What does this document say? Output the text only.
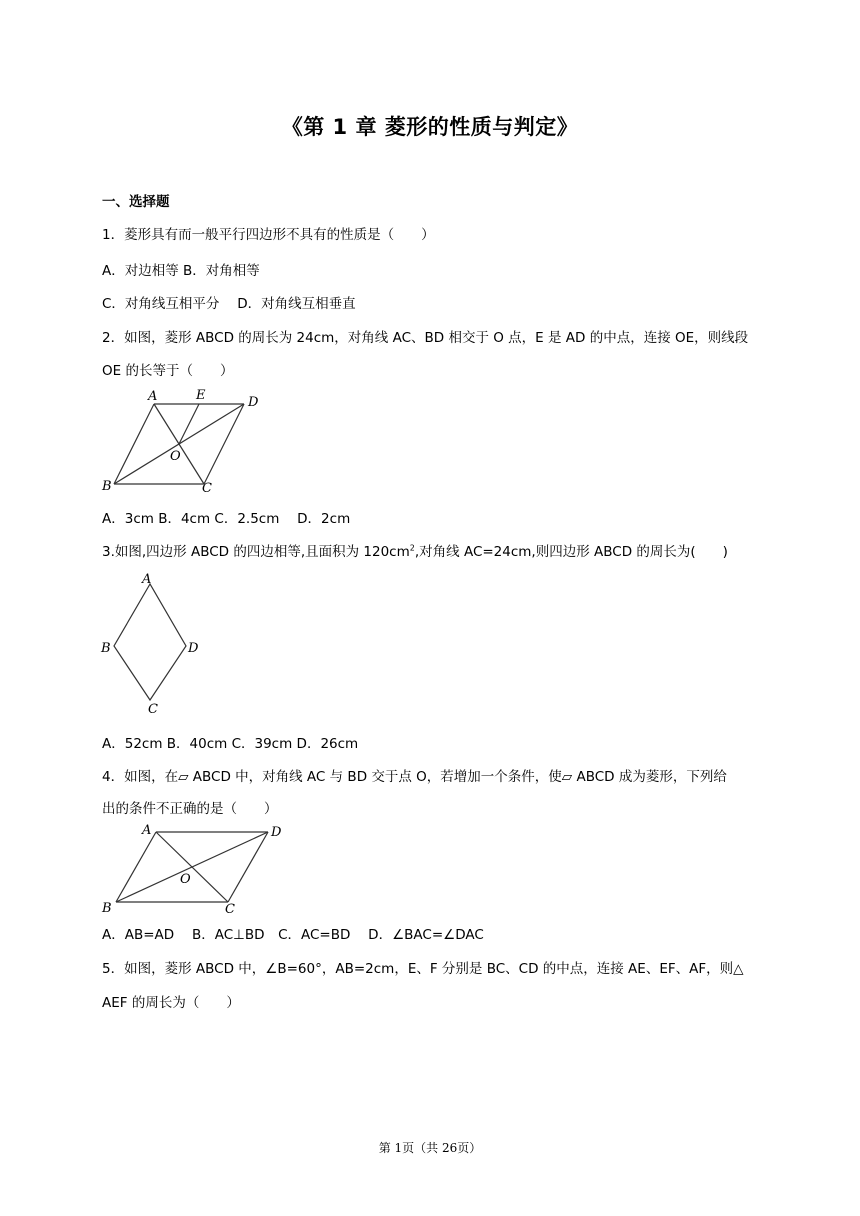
《第 1 章 菱形的性质与判定》
一、选择题
1．菱形具有而一般平行四边形不具有的性质是（　　）
A．对边相等 B．对角相等
C．对角线互相平分　 D．对角线互相垂直
2．如图，菱形 ABCD 的周长为 24cm，对角线 AC、BD 相交于 O 点，E 是 AD 的中点，连接 OE，则线段
OE 的长等于（　　）
A	E	D
O
B	C
A．3cm B．4cm C．2.5cm　 D．2cm
3.如图,四边形 ABCD 的四边相等,且面积为 $120cm^2$,对角线 AC=24cm,则四边形 ABCD 的周长为(　　)
A
B
C
D
A．52cm B．40cm C．39cm D．26cm
4．如图，在▱ ABCD 中，对角线 AC 与 BD 交于点 O，若增加一个条件，使▱ ABCD 成为菱形，下列给
出的条件不正确的是（　　）
A	D
O
B	C
A．AB=AD　 B．AC⊥BD　C．AC=BD　 D．∠BAC=∠DAC
5．如图，菱形 ABCD 中，∠B=60°，AB=2cm，E、F 分别是 BC、CD 的中点，连接 AE、EF、AF，则△
AEF 的周长为（　　）
第 1页（共 26页）
